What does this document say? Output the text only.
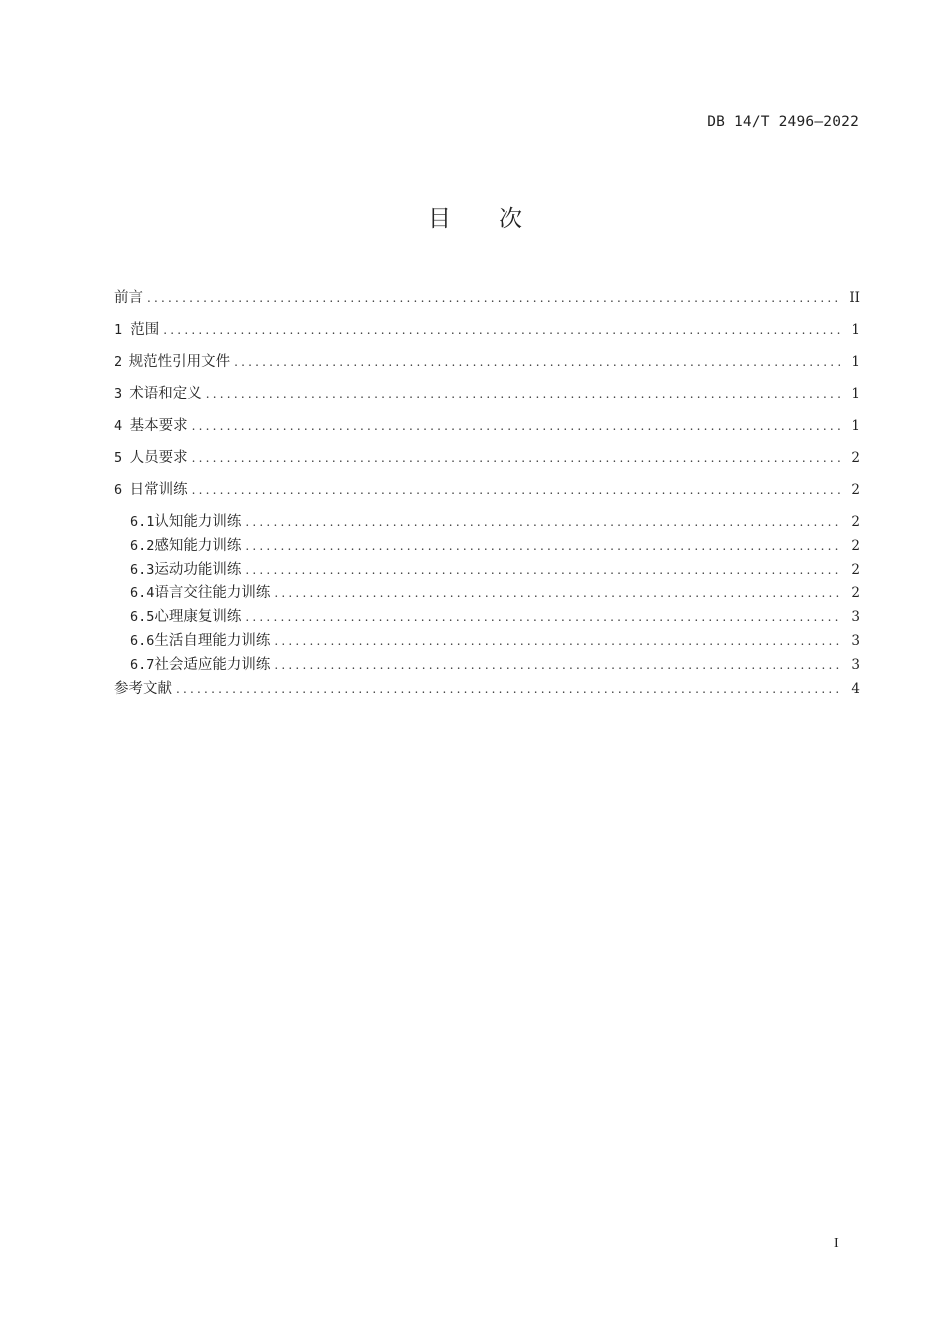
DB 14/T 2496—2022
目 次
前言 .....	II
1 范围 .....	1
2 规范性引用文件 .....	1
3 术语和定义 .....	1
4 基本要求 .....	1
5 人员要求 .....	2
6 日常训练 .....	2
6.1 认知能力训练 .....	2
6.2 感知能力训练 .....	2
6.3 运动功能训练 .....	2
6.4 语言交往能力训练 .....	2
6.5 心理康复训练 .....	3
6.6 生活自理能力训练 .....	3
6.7 社会适应能力训练 .....	3
参考文献 .....	4
I
